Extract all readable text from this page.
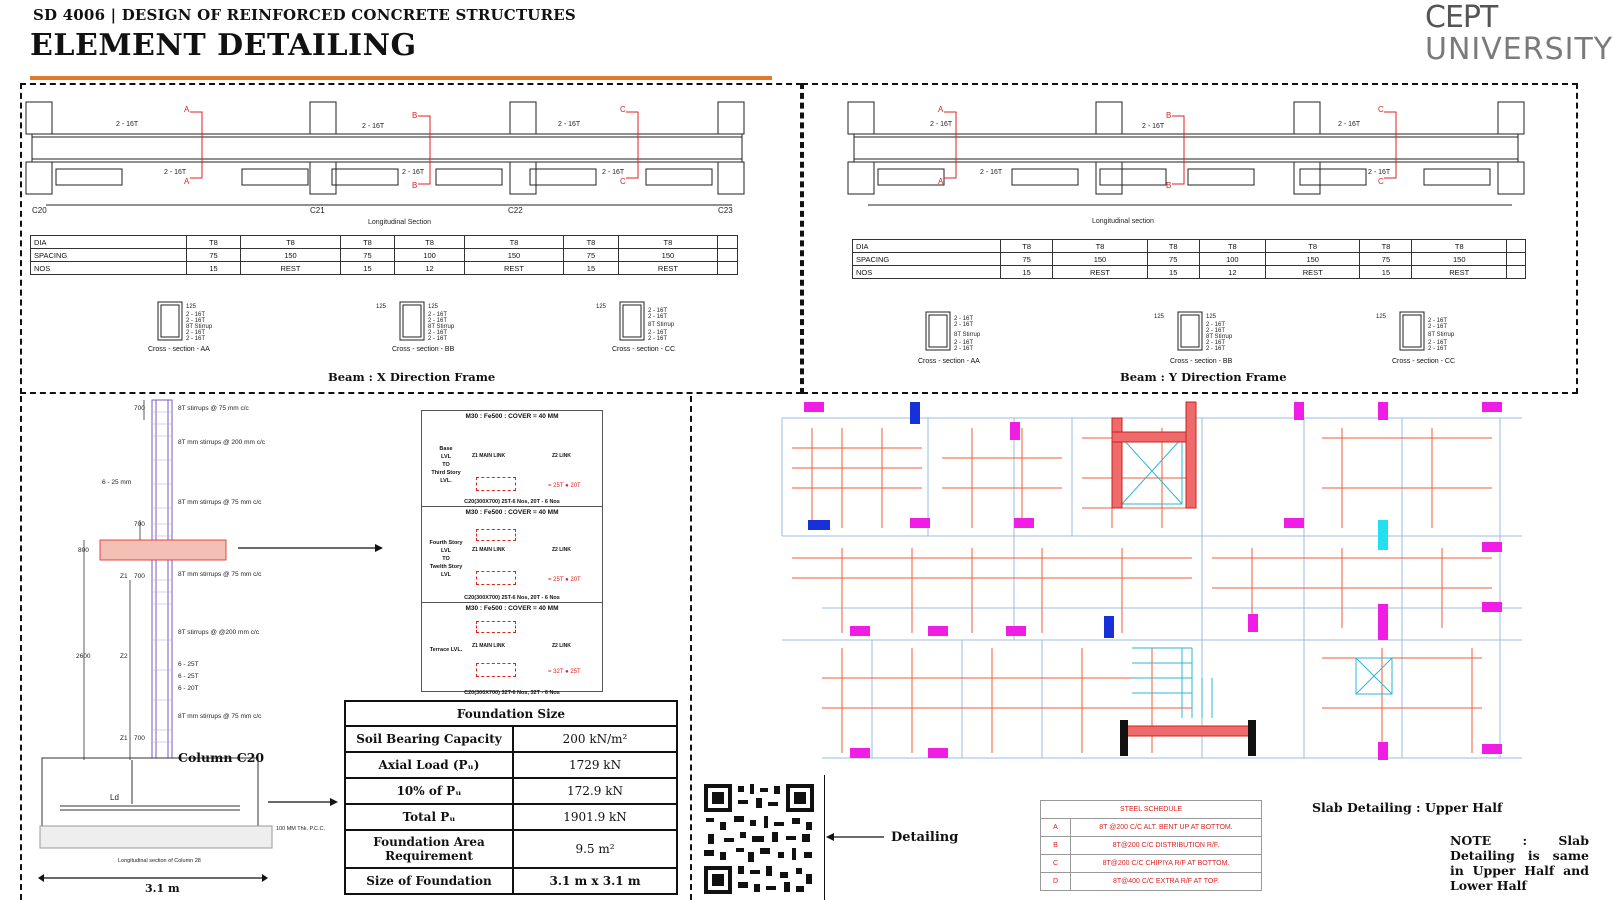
SD 4006 | DESIGN OF REINFORCED CONCRETE STRUCTURES
ELEMENT DETAILING
CEPT
UNIVERSITY
2 - 16T	2 - 16T	2 - 16T
2 - 16T	2 - 16T	2 - 16T
C20	C21	C22	C23
Longitudinal Section
A
A
B
B
C
C
DIA	T8	T8	T8	T8	T8	T8	T8	
SPACING	75	150	75	100	150	75	150	
NOS	15	REST	15	12	REST	15	REST	
125
2 - 16T
2 - 16T
8T Stirrup
2 - 16T
2 - 16T
Cross - section - AA
125	125
2 - 16T
2 - 16T
8T Stirrup
2 - 16T
2 - 16T
Cross - section - BB
125
2 - 16T
2 - 16T
8T Stirrup
2 - 16T
2 - 16T
Cross - section - CC
Beam : X Direction Frame
2 - 16T	2 - 16T	2 - 16T
2 - 16T	2 - 16T
Longitudinal section
A
A
B
B
C
C
DIA	T8	T8	T8	T8	T8	T8	T8	
SPACING	75	150	75	100	150	75	150	
NOS	15	REST	15	12	REST	15	REST	
2 - 16T
2 - 16T
8T Stirrup
2 - 16T
2 - 16T
Cross - section - AA
125	125
2 - 16T
2 - 16T
8T Stirrup
2 - 16T
2 - 16T
Cross - section - BB
125
2 - 16T
2 - 16T
8T Stirrup
2 - 16T
2 - 16T
Cross - section - CC
Beam : Y Direction Frame
700
700
800
Z1 700
Z2
2600
Z1 700
8T stirrups @ 75 mm c/c
8T mm stirrups @ 200 mm c/c
8T mm stirrups @ 75 mm c/c
8T mm stirrups @ 75 mm c/c
8T stirrups @ @200 mm c/c
6 - 25T
6 - 25T
6 - 20T
8T mm stirrups @ 75 mm c/c
6 - 25 mm
Ld
100 MM Thk. P.C.C.
Longitudinal section of Column 28
Column C20
3.1 m
M30 : Fe500 : COVER = 40 MM
Base
LVL
TO
Third Story
LVL.
Z1 MAIN LINK	Z2 LINK
= 25T ● 20T
C20(300X700) 25T-6 Nos, 20T - 6 Nos
M30 : Fe500 : COVER = 40 MM
Fourth Story
LVL
TO
Twelth Story
LVL
Z1 MAIN LINK	Z2 LINK
= 25T ● 20T
C20(300X700) 25T-6 Nos, 20T - 6 Nos
M30 : Fe500 : COVER = 40 MM
Terrace LVL.
Z1 MAIN LINK	Z2 LINK
= 32T ● 25T
C20(300X700) 32T-6 Nos, 32T - 6 Nos
Foundation Size	
Soil Bearing Capacity	200 kN/m²
Axial Load (Pᵤ)	1729 kN
10% of Pᵤ	172.9 kN
Total Pᵤ	1901.9 kN
Foundation Area Requirement	9.5 m²
Size of Foundation	3.1 m x 3.1 m
Detailing
Slab Detailing : Upper Half
STEEL SCHEDULE	
A	8T @200 C/C ALT. BENT UP AT BOTTOM.
B	8T@200 C/C DISTRIBUTION R/F.
C	8T@200 C/C CHIPIYA R/F AT BOTTOM.
D	8T@400 C/C EXTRA R/F AT TOP.
NOTE : Slab Detailing is same in Upper Half and Lower Half
